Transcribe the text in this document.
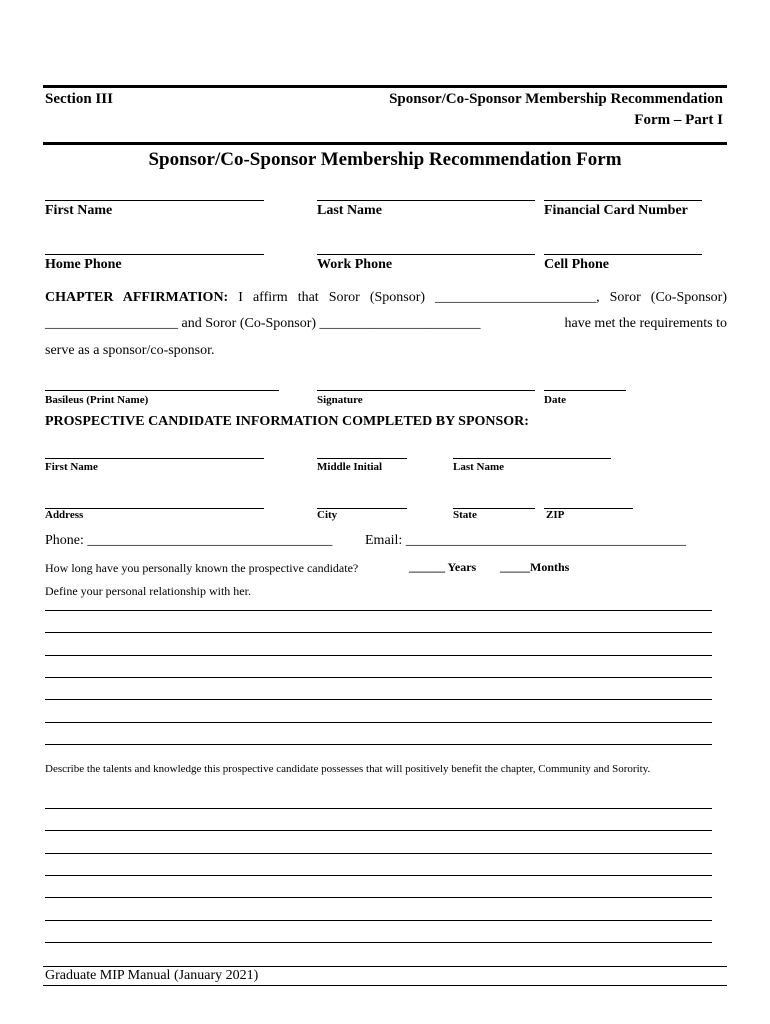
Section III	Sponsor/Co-Sponsor Membership Recommendation
Form – Part I
Sponsor/Co-Sponsor Membership Recommendation Form
First Name	Last Name	Financial Card Number
Home Phone	Work Phone	Cell Phone
CHAPTER AFFIRMATION: I affirm that Soror (Sponsor) _______________________, Soror (Co-Sponsor)
___________________ and Soror (Co-Sponsor) _______________________	have met the requirements to
serve as a sponsor/co-sponsor.
Basileus (Print Name)	Signature	Date
PROSPECTIVE CANDIDATE INFORMATION COMPLETED BY SPONSOR:
First Name	Middle Initial	Last Name
Address	City	State	ZIP
Phone: ___________________________________ Email: ________________________________________
How long have you personally known the prospective candidate?	______ Years _____Months
Define your personal relationship with her.
Describe the talents and knowledge this prospective candidate possesses that will positively benefit the chapter, Community and Sorority.
Graduate MIP Manual (January 2021)
